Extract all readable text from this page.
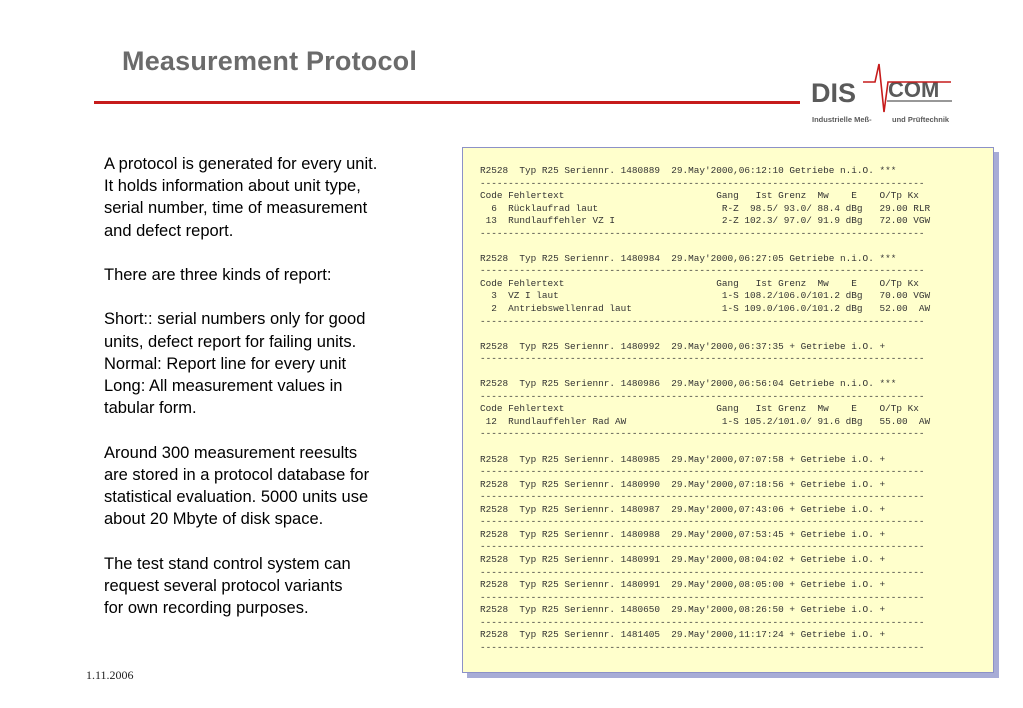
Measurement Protocol
DIS COM
Industrielle Meß-	und Prüftechnik

A protocol is generated for every unit.
It holds information about unit type,
serial number, time of measurement
and defect report.

There are three kinds of report:

Short:: serial numbers only for good
units, defect report for failing units.
Normal: Report line for every unit
Long: All measurement values in
tabular form.

Around 300 measurement reesults
are stored in a protocol database for
statistical evaluation. 5000 units use
about 20 Mbyte of disk space.

The test stand control system can
request several protocol variants
for own recording purposes.

R2528  Typ R25 Seriennr. 1480889  29.May'2000,06:12:10 Getriebe n.i.O. ***
-------------------------------------------------------------------------------
Code Fehlertext                           Gang   Ist Grenz  Mw    E    O/Tp Kx
6  Rücklaufrad laut                      R-Z  98.5/ 93.0/ 88.4 dBg   29.00 RLR
13  Rundlauffehler VZ I                   2-Z 102.3/ 97.0/ 91.9 dBg   72.00 VGW
-------------------------------------------------------------------------------

R2528  Typ R25 Seriennr. 1480984  29.May'2000,06:27:05 Getriebe n.i.O. ***
-------------------------------------------------------------------------------
Code Fehlertext                           Gang   Ist Grenz  Mw    E    O/Tp Kx
3  VZ I laut                             1-S 108.2/106.0/101.2 dBg   70.00 VGW
2  Antriebswellenrad laut                1-S 109.0/106.0/101.2 dBg   52.00  AW
-------------------------------------------------------------------------------

R2528  Typ R25 Seriennr. 1480992  29.May'2000,06:37:35 + Getriebe i.O. +
-------------------------------------------------------------------------------

R2528  Typ R25 Seriennr. 1480986  29.May'2000,06:56:04 Getriebe n.i.O. ***
-------------------------------------------------------------------------------
Code Fehlertext                           Gang   Ist Grenz  Mw    E    O/Tp Kx
12  Rundlauffehler Rad AW                 1-S 105.2/101.0/ 91.6 dBg   55.00  AW
-------------------------------------------------------------------------------

R2528  Typ R25 Seriennr. 1480985  29.May'2000,07:07:58 + Getriebe i.O. +
-------------------------------------------------------------------------------
R2528  Typ R25 Seriennr. 1480990  29.May'2000,07:18:56 + Getriebe i.O. +
-------------------------------------------------------------------------------
R2528  Typ R25 Seriennr. 1480987  29.May'2000,07:43:06 + Getriebe i.O. +
-------------------------------------------------------------------------------
R2528  Typ R25 Seriennr. 1480988  29.May'2000,07:53:45 + Getriebe i.O. +
-------------------------------------------------------------------------------
R2528  Typ R25 Seriennr. 1480991  29.May'2000,08:04:02 + Getriebe i.O. +
-------------------------------------------------------------------------------
R2528  Typ R25 Seriennr. 1480991  29.May'2000,08:05:00 + Getriebe i.O. +
-------------------------------------------------------------------------------
R2528  Typ R25 Seriennr. 1480650  29.May'2000,08:26:50 + Getriebe i.O. +
-------------------------------------------------------------------------------
R2528  Typ R25 Seriennr. 1481405  29.May'2000,11:17:24 + Getriebe i.O. +
-------------------------------------------------------------------------------

1.11.2006
